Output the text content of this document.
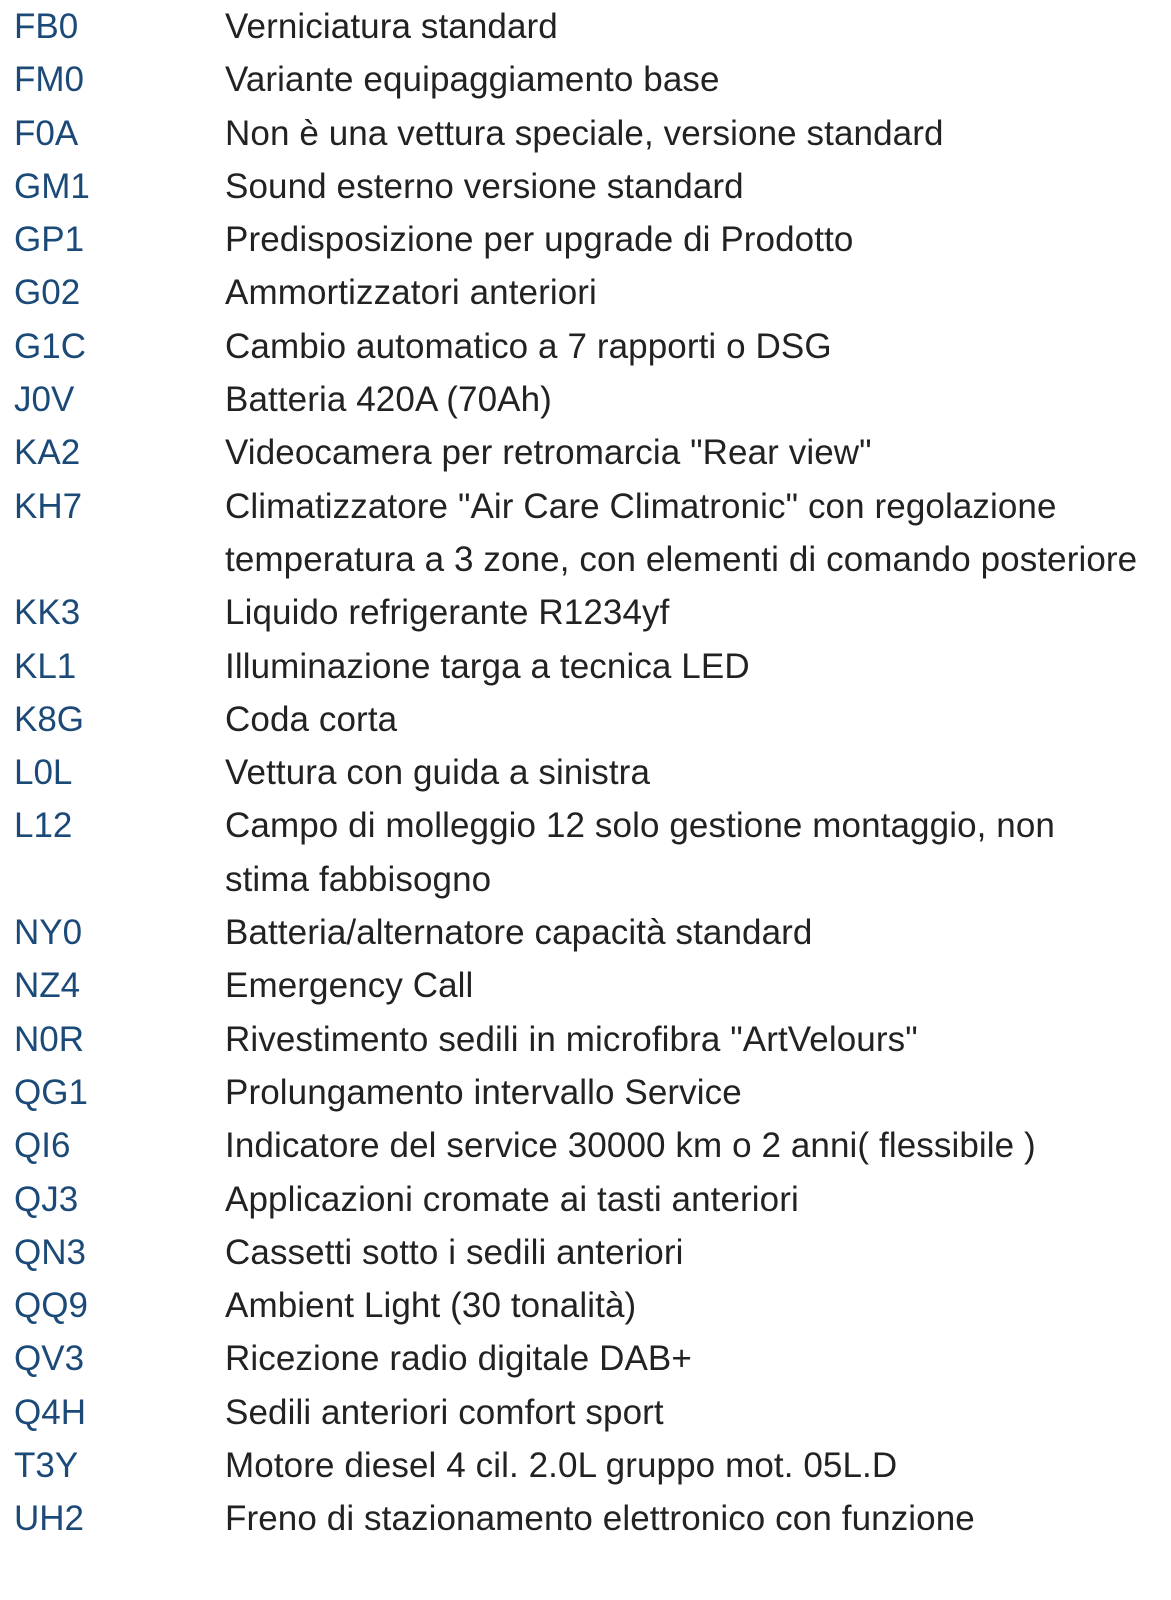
FB0	Verniciatura standard
FM0	Variante equipaggiamento base
F0A	Non è una vettura speciale, versione standard
GM1	Sound esterno versione standard
GP1	Predisposizione per upgrade di Prodotto
G02	Ammortizzatori anteriori
G1C	Cambio automatico a 7 rapporti o DSG
J0V	Batteria 420A (70Ah)
KA2	Videocamera per retromarcia "Rear view"
KH7	Climatizzatore "Air Care Climatronic" con regolazione temperatura a 3 zone, con elementi di comando posteriore
KK3	Liquido refrigerante R1234yf
KL1	Illuminazione targa a tecnica LED
K8G	Coda corta
L0L	Vettura con guida a sinistra
L12	Campo di molleggio 12 solo gestione montaggio, non stima fabbisogno
NY0	Batteria/alternatore capacità standard
NZ4	Emergency Call
N0R	Rivestimento sedili in microfibra "ArtVelours"
QG1	Prolungamento intervallo Service
QI6	Indicatore del service 30000 km o 2 anni( flessibile )
QJ3	Applicazioni cromate ai tasti anteriori
QN3	Cassetti sotto i sedili anteriori
QQ9	Ambient Light (30 tonalità)
QV3	Ricezione radio digitale DAB+
Q4H	Sedili anteriori comfort sport
T3Y	Motore diesel 4 cil. 2.0L gruppo mot. 05L.D
UH2	Freno di stazionamento elettronico con funzione
